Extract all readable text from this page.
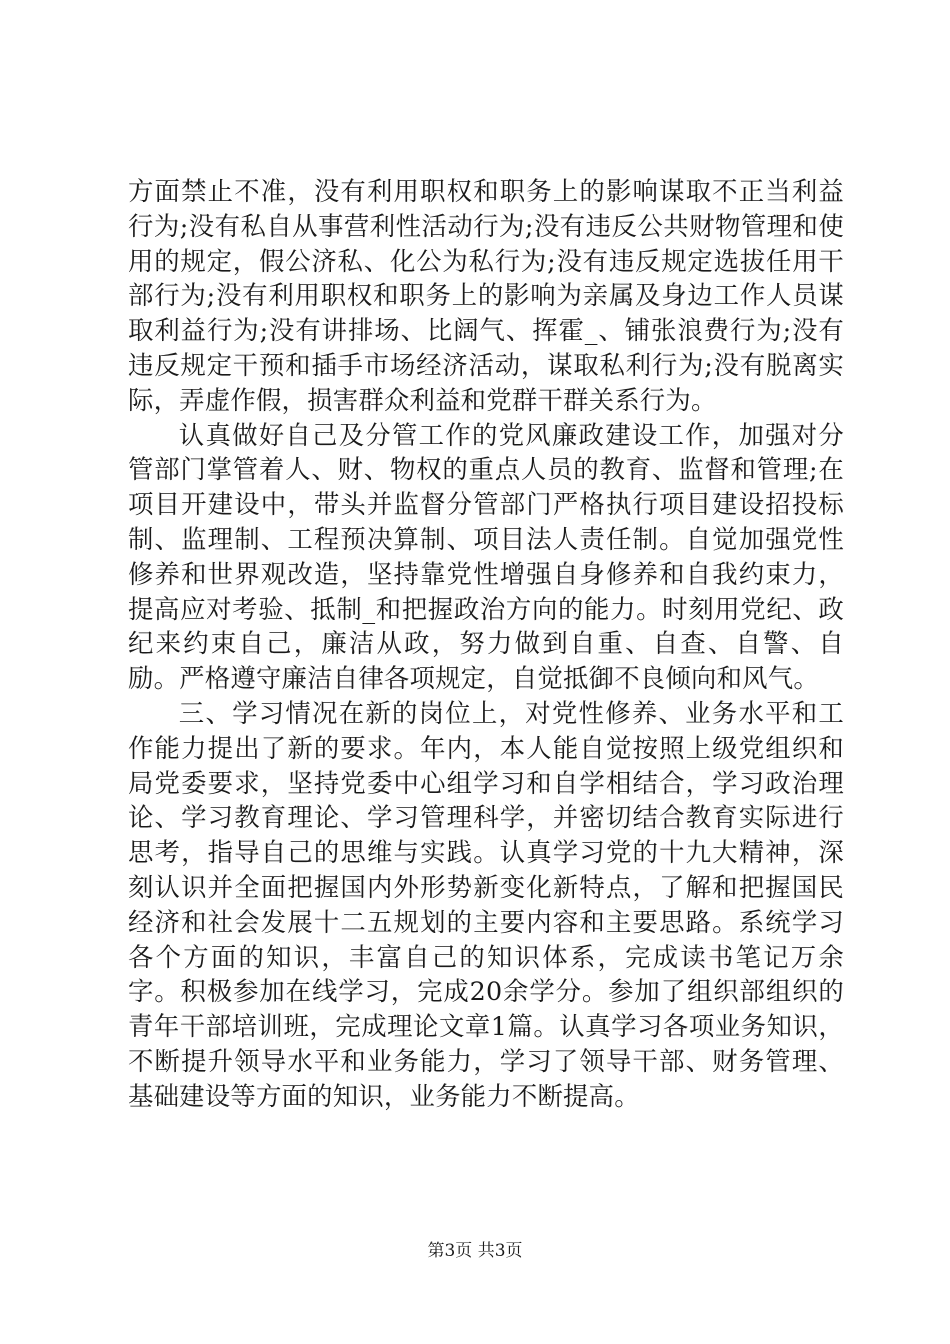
方面禁止不准，没有利用职权和职务上的影响谋取不正当利益行为;没有私自从事营利性活动行为;没有违反公共财物管理和使用的规定，假公济私、化公为私行为;没有违反规定选拔任用干部行为;没有利用职权和职务上的影响为亲属及身边工作人员谋取利益行为;没有讲排场、比阔气、挥霍_、铺张浪费行为;没有违反规定干预和插手市场经济活动，谋取私利行为;没有脱离实际，弄虚作假，损害群众利益和党群干群关系行为。

认真做好自己及分管工作的党风廉政建设工作，加强对分管部门掌管着人、财、物权的重点人员的教育、监督和管理;在项目开建设中，带头并监督分管部门严格执行项目建设招投标制、监理制、工程预决算制、项目法人责任制。自觉加强党性修养和世界观改造，坚持靠党性增强自身修养和自我约束力，提高应对考验、抵制_和把握政治方向的能力。时刻用党纪、政纪来约束自己，廉洁从政，努力做到自重、自查、自警、自励。严格遵守廉洁自律各项规定，自觉抵御不良倾向和风气。

三、学习情况在新的岗位上，对党性修养、业务水平和工作能力提出了新的要求。年内，本人能自觉按照上级党组织和局党委要求，坚持党委中心组学习和自学相结合，学习政治理论、学习教育理论、学习管理科学，并密切结合教育实际进行思考，指导自己的思维与实践。认真学习党的十九大精神，深刻认识并全面把握国内外形势新变化新特点，了解和把握国民经济和社会发展十二五规划的主要内容和主要思路。系统学习各个方面的知识，丰富自己的知识体系，完成读书笔记万余字。积极参加在线学习，完成20余学分。参加了组织部组织的青年干部培训班，完成理论文章1篇。认真学习各项业务知识，不断提升领导水平和业务能力，学习了领导干部、财务管理、基础建设等方面的知识，业务能力不断提高。

第3页 共3页
